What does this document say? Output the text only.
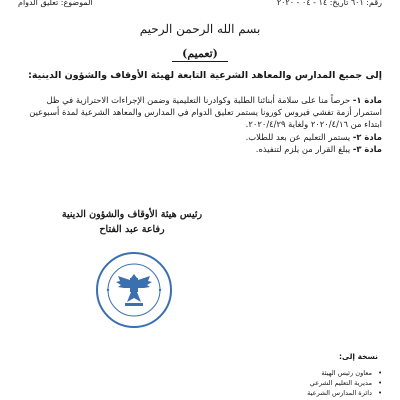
رقم: ٦٠١ تاريخ: ١٤ - ٠٤ - ٢٠٢٠
الموضوع: تعليق الدوام
بسم الله الرحمن الرحيم
(تعميم)
إلى جميع المدارس والمعاهد الشرعية التابعة لهيئة الأوقاف والشؤون الدينية:
مادة ١- حرصاً منا على سلامة أبنائنا الطلبة وكوادرنا التعليمية وضمن الإجراءات الاحترازية في ظل استمرار أزمة تفشي فيروس كورونا يستمر تعليق الدوام في المدارس والمعاهد الشرعية لمدة أسبوعين ابتداء من ٢٠٢٠/٤/١٦ ولغاية ٢٠٢٠/٤/٢٩.
مادة ٢- يستمر التعليم عن بعد للطلاب.
مادة ٣- يبلغ القرار من يلزم لتنفيذه.
رئيس هيئة الأوقاف والشؤون الدينية
رفاعة عبد الفتاح
نسخة إلى:
• معاون رئيس الهيئة
• مديرية التعليم الشرعي
• دائرة المدارس الشرعية
